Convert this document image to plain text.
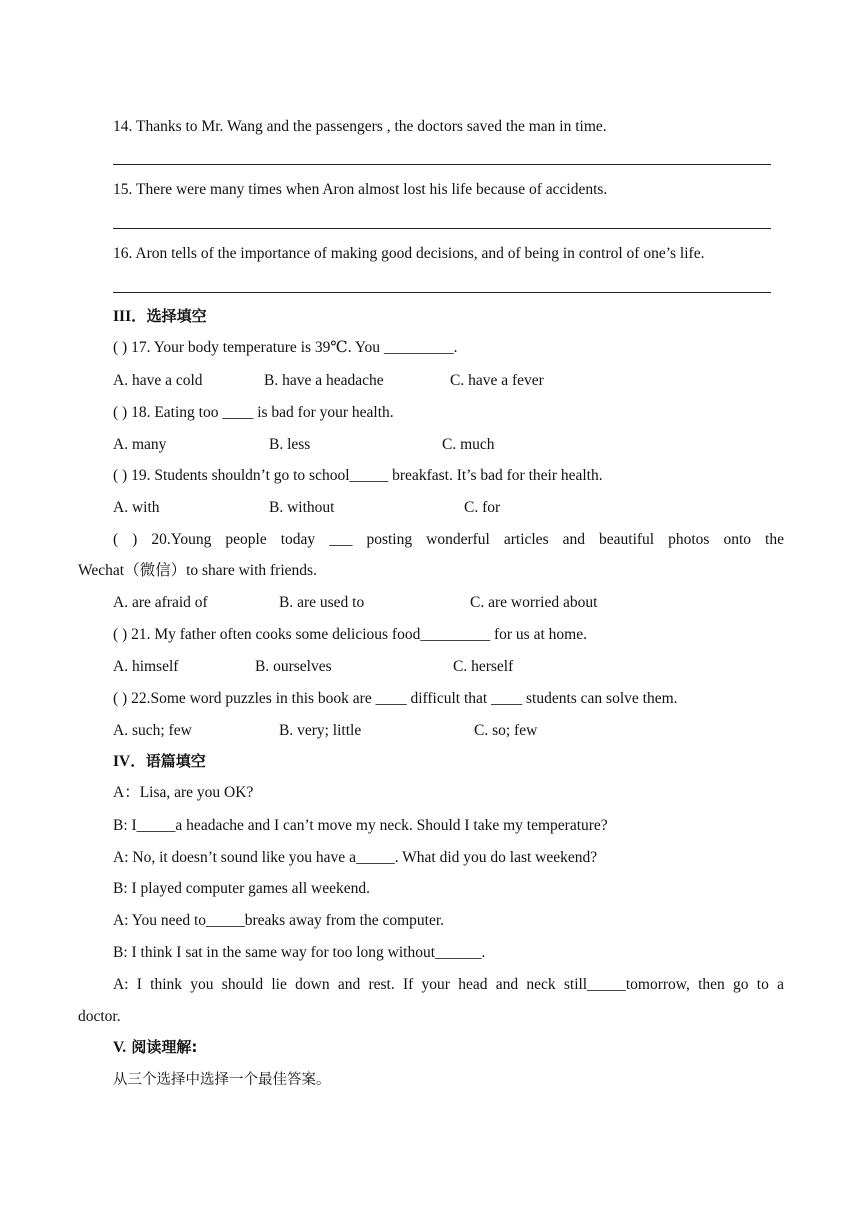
14. Thanks to Mr. Wang and the passengers , the doctors saved the man in time.
15. There were many times when Aron almost lost his life because of accidents.
16. Aron tells of the importance of making good decisions, and of being in control of one’s life.
III．选择填空
( ) 17. Your body temperature is 39℃. You _________.
A. have a cold	B. have a headache	C. have a fever
( ) 18. Eating too ____ is bad for your health.
A. many	B. less	C. much
( ) 19. Students shouldn’t go to school_____ breakfast. It’s bad for their health.
A. with	B. without	C. for
( ) 20.Young people today ___ posting wonderful articles and beautiful photos onto the
Wechat（微信）to share with friends.
A. are afraid of	B. are used to	C. are worried about
( ) 21. My father often cooks some delicious food_________ for us at home.
A. himself	B. ourselves	C. herself
( ) 22.Some word puzzles in this book are ____ difficult that ____ students can solve them.
A. such; few	B. very; little	C. so; few
IV．语篇填空
A：Lisa, are you OK?
B: I_____a headache and I can’t move my neck. Should I take my temperature?
A: No, it doesn’t sound like you have a_____. What did you do last weekend?
B: I played computer games all weekend.
A: You need to_____breaks away from the computer.
B: I think I sat in the same way for too long without______.
A: I think you should lie down and rest. If your head and neck still_____tomorrow, then go to a
doctor.
V. 阅读理解:
从三个选择中选择一个最佳答案。
